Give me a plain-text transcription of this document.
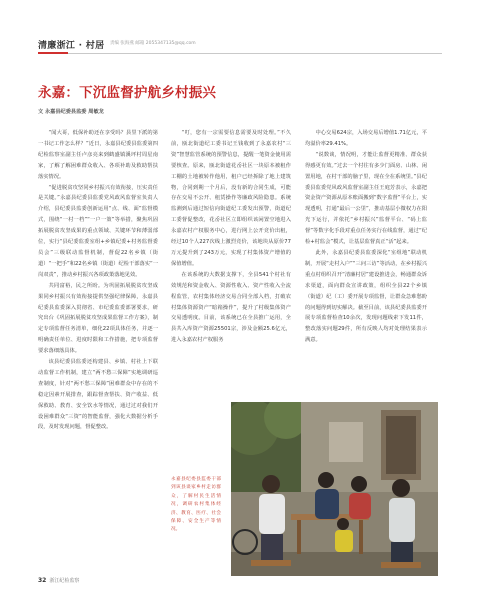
清廉浙江 · 村居 责编 张海燕 邮箱 2055347135@qq.com
永嘉：下沉监督护航乡村振兴
文 永嘉县纪委县监委 周敏龙

“闻大哥，低保补助还在享受吗？县里下派的第一书记工作怎么样？”近日，永嘉县纪委县监委第四纪检监察室副主任卢彦亮来到鹤盛镇溪坪村周星南家，了解了解困难群众收入、各项补助及救助帮扶落实情况。

“促进脱贫攻坚同乡村振兴有效衔接，压实责任是关键。”永嘉县纪委县监委党风政风监督室负责人介绍，县纪委县监委创新运用“点、线、面”监督模式，围绕“一村一档”“一户一策”等举措，聚焦巩固拓展脱贫攻坚成果的重点领域、关键环节和薄弱部位，实行“县纪委监委室组+乡镇纪委+村务监督委员会”三级联动监督机制，督促22名乡镇（街道）“一把手”和22名乡镇（街道）纪检干部落实“一岗双责”，推动乡村振兴各项政策落地见效。

共同富裕，民之所盼。为巩固拓展脱贫攻坚成果同乡村振兴有效衔接提供坚强纪律保障，永嘉县纪委县监委深入贯彻省、市纪委监委部署要求，研究出台《巩固拓展脱贫攻坚成果监督工作方案》，制定专项监督任务清单，细化22项具体任务，并逐一明确责任单位、进度时限和工作措施，把专项监督要求落细落具体。

该县纪委县监委还构建县、乡镇、村社上下联动监督工作机制，建立“两不愁三保障”实地调研巡查制度，针对“两不愁三保障”困难群众中存在的不稳定因素开展排查，跟踪督查帮扶、资产收益、低保救助、教育、安全饮水等情况，通过过对我们开设困难群众“三资”的智能监督，强化大数据分析手段，及时发现问题，督促整改。

“叮，您有一宗需要信息需要及时处理。”不久前，瓯北街道纪工委书记王钱收到了永嘉农村“三资”智慧监管系统的预警信息，提醒一笔资金使用需要核查。原来，瓯北街道花岙社区一块原本被租作工棚的土地被转作他用，租户已经拆除了地上建筑物，合同到期一个月后，没有新的合同生成，可能存在交易不公开、租赁操作等廉政风险隐患。系统监测到后通过短信向街道纪工委发出预警，街道纪工委督促整改，花岙社区立即组织该闲置空地进入永嘉农村产权服务中心，进行网上公开竞价出租，经过10个人227次线上激烈竞价，该地块从原价77万元提升到了243万元，实现了村集体资产增值的保值增值。

在该系统的大数据支撑下，全县541个村社有效规范和资金收入、资源性收入、资产性收入全流程监管，农村集体经济交易合同全部入档，打破农村集体资源资产“暗箱操作”，提升了村级集体资产交易透明度。目前，该系统已在全县推广运用，全县共入库资产资源25501宗，涉及金额25.6亿元，进入永嘉农村产权服务

中心交易624宗，入场交易后增值1.71亿元，平均溢价率29.41%。

“说数谈，情况明，才能让监督更精准、群众获得感更有效。”过去一个村往有多少门面房、山林、闲置用地，在村干部的脑子里，现在全在系统里。”县纪委县监委党风政风监督室副主任王庭芳表示，永嘉把资金资产资源从原本账面搬到“数字监督”平台上，实现透明，打通“最后一公里”，推动基层小微权力在阳光下运行，并依托“乡村振兴”监督平台、“码上监督”等数字化手段对重点任务实行在线监督，通过“纪检+村监会”模式，让基层监督真正“活”起来。

此外，永嘉县纪委县监委深化“室组地”联动机制，开展“走村入户”“三问三访”等活动，在乡村振兴重点村组织召开“清廉村居”建设推进会，畅通群众诉求渠道，面向群众宣讲政策，组织全县22个乡镇（街道）纪（工）委开展专项监督，让群众急难愁盼的问题得到切实解决。截至目前，该县纪委县监委开展专项监督检查10余次，发现问题线索下发11件，整改落实问题29件，所有反映人均对处理结果表示满意。

永嘉县纪委县监委干部到该县谈家乡村走访群众，了解村民生活情况，调研农村集体经济、教育、医疗、社会保障、安全生产等情况。
32 浙江纪检监察
